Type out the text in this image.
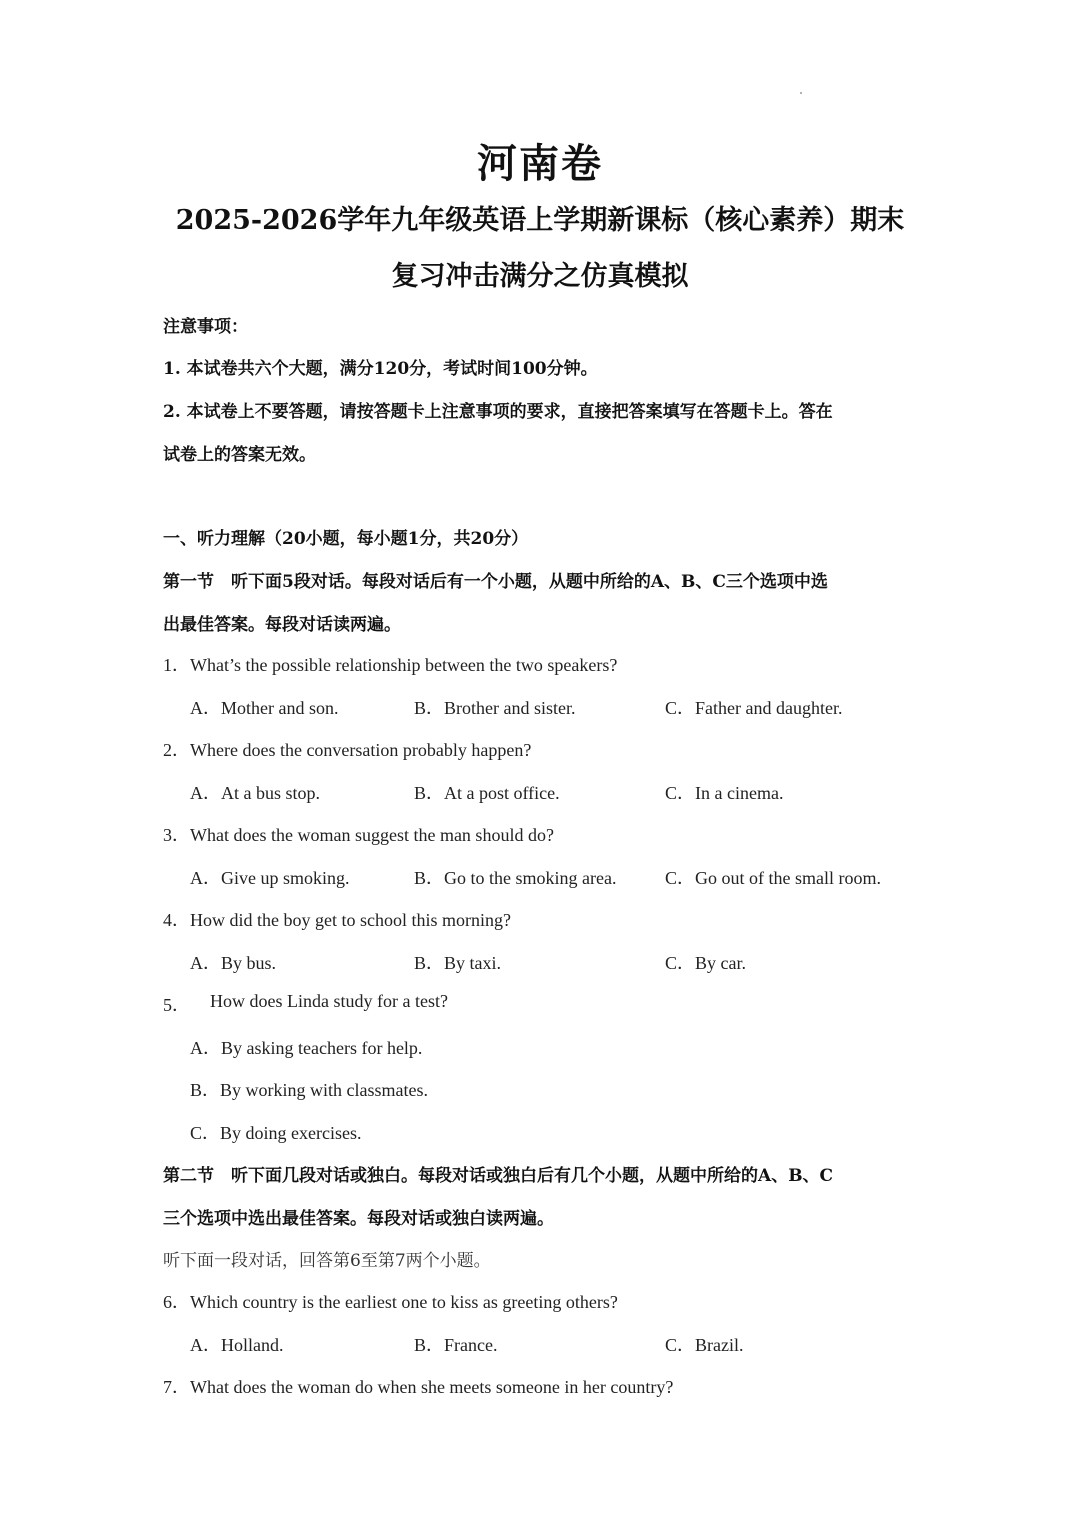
河南卷
2025-2026学年九年级英语上学期新课标（核心素养）期末
复习冲击满分之仿真模拟
注意事项：
1. 本试卷共六个大题，满分120分，考试时间100分钟。
2. 本试卷上不要答题，请按答题卡上注意事项的要求，直接把答案填写在答题卡上。答在
试卷上的答案无效。
一、听力理解（20小题，每小题1分，共20分）
第一节　听下面5段对话。每段对话后有一个小题，从题中所给的A、B、C三个选项中选
出最佳答案。每段对话读两遍。
1．What’s the possible relationship between the two speakers?
A．Mother and son.	B．Brother and sister.	C．Father and daughter.
2．Where does the conversation probably happen?
A．At a bus stop.	B．At a post office.	C．In a cinema.
3．What does the woman suggest the man should do?
A．Give up smoking.	B．Go to the smoking area.	C．Go out of the small room.
4．How did the boy get to school this morning?
A．By bus.	B．By taxi.	C．By car.
5． How does Linda study for a test?
A．By asking teachers for help.
B．By working with classmates.
C．By doing exercises.
第二节　听下面几段对话或独白。每段对话或独白后有几个小题，从题中所给的A、B、C
三个选项中选出最佳答案。每段对话或独白读两遍。
听下面一段对话，回答第6至第7两个小题。
6．Which country is the earliest one to kiss as greeting others?
A．Holland.	B．France.	C．Brazil.
7．What does the woman do when she meets someone in her country?
